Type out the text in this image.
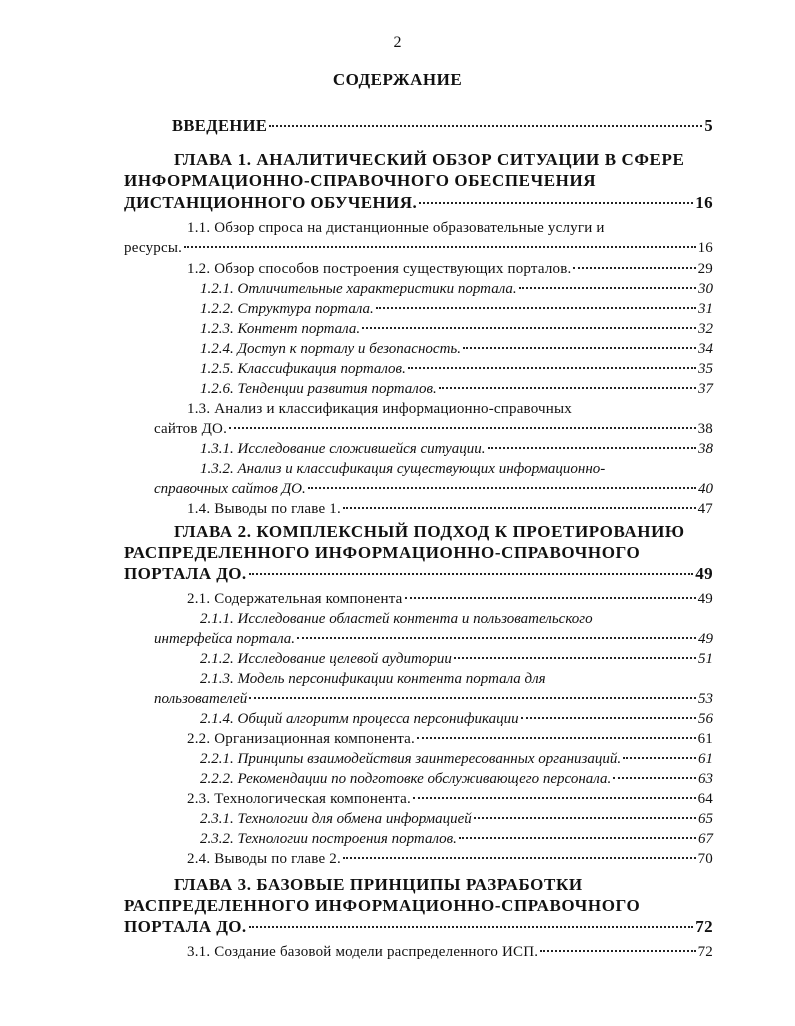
2
СОДЕРЖАНИЕ
ВВЕДЕНИЕ	5
ГЛАВА 1. АНАЛИТИЧЕСКИЙ ОБЗОР СИТУАЦИИ В СФЕРЕ
ИНФОРМАЦИОННО-СПРАВОЧНОГО ОБЕСПЕЧЕНИЯ
ДИСТАНЦИОННОГО ОБУЧЕНИЯ.	16
1.1. Обзор спроса на дистанционные образовательные услуги и
ресурсы.	16
1.2. Обзор способов построения существующих порталов.	29
1.2.1. Отличительные характеристики портала.	30
1.2.2. Структура портала.	31
1.2.3. Контент портала.	32
1.2.4. Доступ к порталу и безопасность.	34
1.2.5. Классификация порталов.	35
1.2.6. Тенденции развития порталов.	37
1.3. Анализ и классификация информационно-справочных
сайтов ДО.	38
1.3.1. Исследование сложившейся ситуации.	38
1.3.2. Анализ и классификация существующих информационно-
справочных сайтов ДО.	40
1.4. Выводы по главе 1.	47
ГЛАВА 2. КОМПЛЕКСНЫЙ ПОДХОД К ПРОЕТИРОВАНИЮ
РАСПРЕДЕЛЕННОГО ИНФОРМАЦИОННО-СПРАВОЧНОГО
ПОРТАЛА ДО.	49
2.1. Содержательная компонента	49
2.1.1. Исследование областей контента и пользовательского
интерфейса портала.	49
2.1.2. Исследование целевой аудитории	51
2.1.3. Модель персонификации контента портала для
пользователей	53
2.1.4. Общий алгоритм процесса персонификации	56
2.2. Организационная компонента.	61
2.2.1. Принципы взаимодействия заинтересованных организаций.	61
2.2.2. Рекомендации по подготовке обслуживающего персонала.	63
2.3. Технологическая компонента.	64
2.3.1. Технологии для обмена информацией	65
2.3.2. Технологии построения порталов.	67
2.4. Выводы по главе 2.	70
ГЛАВА 3. БАЗОВЫЕ ПРИНЦИПЫ РАЗРАБОТКИ
РАСПРЕДЕЛЕННОГО ИНФОРМАЦИОННО-СПРАВОЧНОГО
ПОРТАЛА ДО.	72
3.1. Создание базовой модели распределенного ИСП.	72
